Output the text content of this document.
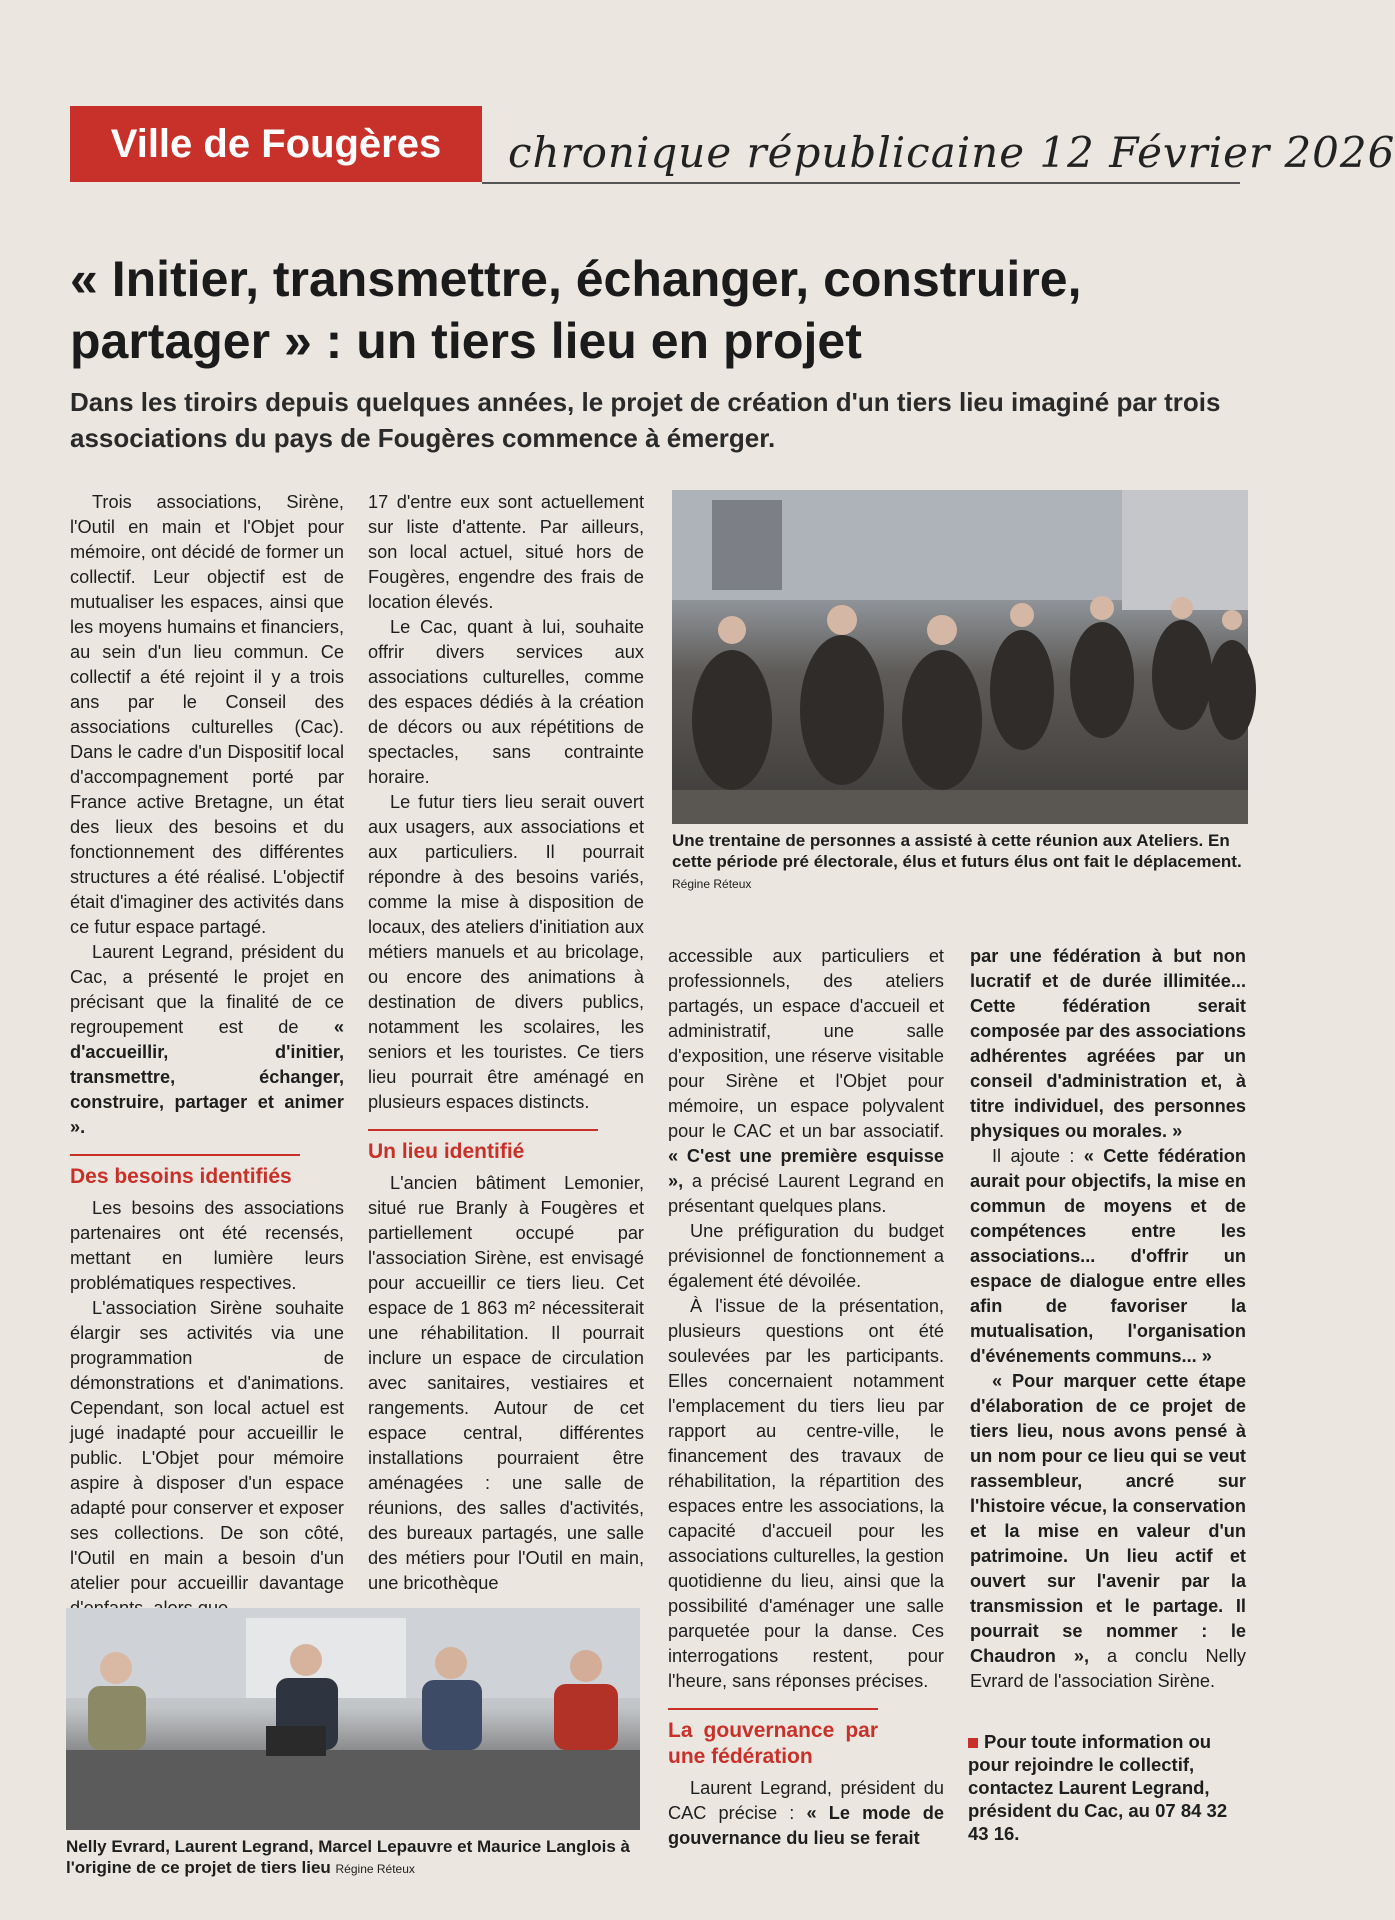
Ville de Fougères	chronique républicaine 12 Février 2026
« Initier, transmettre, échanger, construire, partager » : un tiers lieu en projet
Dans les tiroirs depuis quelques années, le projet de création d'un tiers lieu imaginé par trois associations du pays de Fougères commence à émerger.

Trois associations, Sirène, l'Outil en main et l'Objet pour mémoire, ont décidé de former un collectif. Leur objectif est de mutualiser les espaces, ainsi que les moyens humains et financiers, au sein d'un lieu commun. Ce collectif a été rejoint il y a trois ans par le Conseil des associations culturelles (Cac). Dans le cadre d'un Dispositif local d'accompagnement porté par France active Bretagne, un état des lieux des besoins et du fonctionnement des différentes structures a été réalisé. L'objectif était d'imaginer des activités dans ce futur espace partagé.

Laurent Legrand, président du Cac, a présenté le projet en précisant que la finalité de ce regroupement est de « d'accueillir, d'initier, transmettre, échanger, construire, partager et animer ».

Des besoins identifiés

Les besoins des associations partenaires ont été recensés, mettant en lumière leurs problématiques respectives.

L'association Sirène souhaite élargir ses activités via une programmation de démonstrations et d'animations. Cependant, son local actuel est jugé inadapté pour accueillir le public. L'Objet pour mémoire aspire à disposer d'un espace adapté pour conserver et exposer ses collections. De son côté, l'Outil en main a besoin d'un atelier pour accueillir davantage

17 d'entre eux sont actuellement sur liste d'attente. Par ailleurs, son local actuel, situé hors de Fougères, engendre des frais de location élevés.

Le Cac, quant à lui, souhaite offrir divers services aux associations culturelles, comme des espaces dédiés à la création de décors ou aux répétitions de spectacles, sans contrainte horaire.

Le futur tiers lieu serait ouvert aux usagers, aux associations et aux particuliers. Il pourrait répondre à des besoins variés, comme la mise à disposition de locaux, des ateliers d'initiation aux métiers manuels et au bricolage, ou encore des animations à destination de divers publics, notamment les scolaires, les seniors et les touristes. Ce tiers lieu pourrait être aménagé en plusieurs espaces distincts.

Un lieu identifié

L'ancien bâtiment Lemonier, situé rue Branly à Fougères et partiellement occupé par l'association Sirène, est envisagé pour accueillir ce tiers lieu. Cet espace de 1 863 m² nécessiterait une réhabilitation. Il pourrait inclure un espace de circulation avec sanitaires, vestiaires et rangements. Autour de cet espace central, différentes installations pourraient être aménagées : une salle de réunions, des salles d'activités, des bureaux partagés, une salle des métiers pour l'Outil en main, une bricothèque

Une trentaine de personnes a assisté à cette réunion aux Ateliers. En cette période pré électorale, élus et futurs élus ont fait le déplacement.
Régine Réteux

accessible aux particuliers et professionnels, des ateliers partagés, un espace d'accueil et administratif, une salle d'exposition, une réserve visitable pour Sirène et l'Objet pour mémoire, un espace polyvalent pour le CAC et un bar associatif. « C'est une première esquisse », a précisé Laurent Legrand en présentant quelques plans.

Une préfiguration du budget prévisionnel de fonctionnement a également été dévoilée.

À l'issue de la présentation, plusieurs questions ont été soulevées par les participants. Elles concernaient notamment l'emplacement du tiers lieu par rapport au centre-ville, le financement des travaux de réhabilitation, la répartition des espaces entre les associations, la capacité d'accueil pour les associations culturelles, la gestion quotidienne du lieu, ainsi que la possibilité d'aménager une salle parquetée pour la danse. Ces interrogations restent, pour l'heure, sans réponses précises.

La gouvernance par une fédération

Laurent Legrand, président du CAC précise : « Le mode de gouvernance du lieu se ferait

par une fédération à but non lucratif et de durée illimitée... Cette fédération serait composée par des associations adhérentes agréées par un conseil d'administration et, à titre individuel, des personnes physiques ou morales. »

Il ajoute : « Cette fédération aurait pour objectifs, la mise en commun de moyens et de compétences entre les associations... d'offrir un espace de dialogue entre elles afin de favoriser la mutualisation, l'organisation d'événements communs... »

« Pour marquer cette étape d'élaboration de ce projet de tiers lieu, nous avons pensé à un nom pour ce lieu qui se veut rassembleur, ancré sur l'histoire vécue, la conservation et la mise en valeur d'un patrimoine. Un lieu actif et ouvert sur l'avenir par la transmission et le partage. Il pourrait se nommer : le Chaudron », a conclu Nelly Evrard de l'association Sirène.

Pour toute information ou pour rejoindre le collectif, contactez Laurent Legrand, président du Cac, au 07 84 32 43 16.
Nelly Evrard, Laurent Legrand, Marcel Lepauvre et Maurice Langlois à l'origine de ce projet de tiers lieu Régine Réteux
